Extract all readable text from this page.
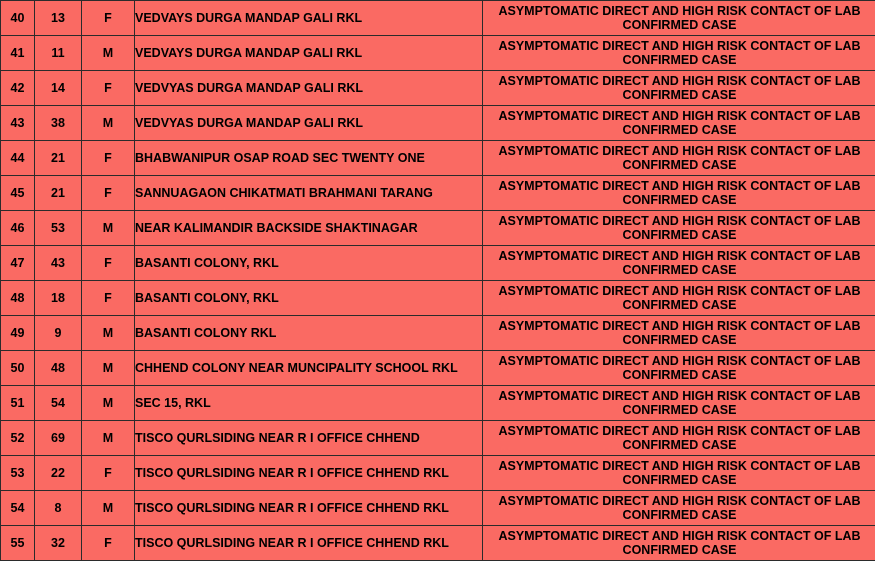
40	13	F	VEDVAYS DURGA MANDAP GALI RKL	ASYMPTOMATIC DIRECT AND HIGH RISK CONTACT OF LAB CONFIRMED CASE

41	11	M	VEDVAYS DURGA MANDAP GALI RKL	ASYMPTOMATIC DIRECT AND HIGH RISK CONTACT OF LAB CONFIRMED CASE

42	14	F	VEDVYAS DURGA MANDAP GALI RKL	ASYMPTOMATIC DIRECT AND HIGH RISK CONTACT OF LAB CONFIRMED CASE

43	38	M	VEDVYAS DURGA MANDAP GALI RKL	ASYMPTOMATIC DIRECT AND HIGH RISK CONTACT OF LAB CONFIRMED CASE

44	21	F	BHABWANIPUR OSAP ROAD SEC TWENTY ONE	ASYMPTOMATIC DIRECT AND HIGH RISK CONTACT OF LAB CONFIRMED CASE

45	21	F	SANNUAGAON CHIKATMATI BRAHMANI TARANG	ASYMPTOMATIC DIRECT AND HIGH RISK CONTACT OF LAB CONFIRMED CASE

46	53	M	NEAR KALIMANDIR BACKSIDE SHAKTINAGAR	ASYMPTOMATIC DIRECT AND HIGH RISK CONTACT OF LAB CONFIRMED CASE

47	43	F	BASANTI COLONY, RKL	ASYMPTOMATIC DIRECT AND HIGH RISK CONTACT OF LAB CONFIRMED CASE

48	18	F	BASANTI COLONY, RKL	ASYMPTOMATIC DIRECT AND HIGH RISK CONTACT OF LAB CONFIRMED CASE

49	9	M	BASANTI COLONY RKL	ASYMPTOMATIC DIRECT AND HIGH RISK CONTACT OF LAB CONFIRMED CASE

50	48	M	CHHEND COLONY NEAR MUNCIPALITY SCHOOL RKL	ASYMPTOMATIC DIRECT AND HIGH RISK CONTACT OF LAB CONFIRMED CASE

51	54	M	SEC 15, RKL	ASYMPTOMATIC DIRECT AND HIGH RISK CONTACT OF LAB CONFIRMED CASE

52	69	M	TISCO QURLSIDING NEAR R I OFFICE CHHEND	ASYMPTOMATIC DIRECT AND HIGH RISK CONTACT OF LAB CONFIRMED CASE

53	22	F	TISCO QURLSIDING NEAR R I OFFICE CHHEND RKL	ASYMPTOMATIC DIRECT AND HIGH RISK CONTACT OF LAB CONFIRMED CASE

54	8	M	TISCO QURLSIDING NEAR R I OFFICE CHHEND RKL	ASYMPTOMATIC DIRECT AND HIGH RISK CONTACT OF LAB CONFIRMED CASE

55	32	F	TISCO QURLSIDING NEAR R I OFFICE CHHEND RKL	ASYMPTOMATIC DIRECT AND HIGH RISK CONTACT OF LAB CONFIRMED CASE
